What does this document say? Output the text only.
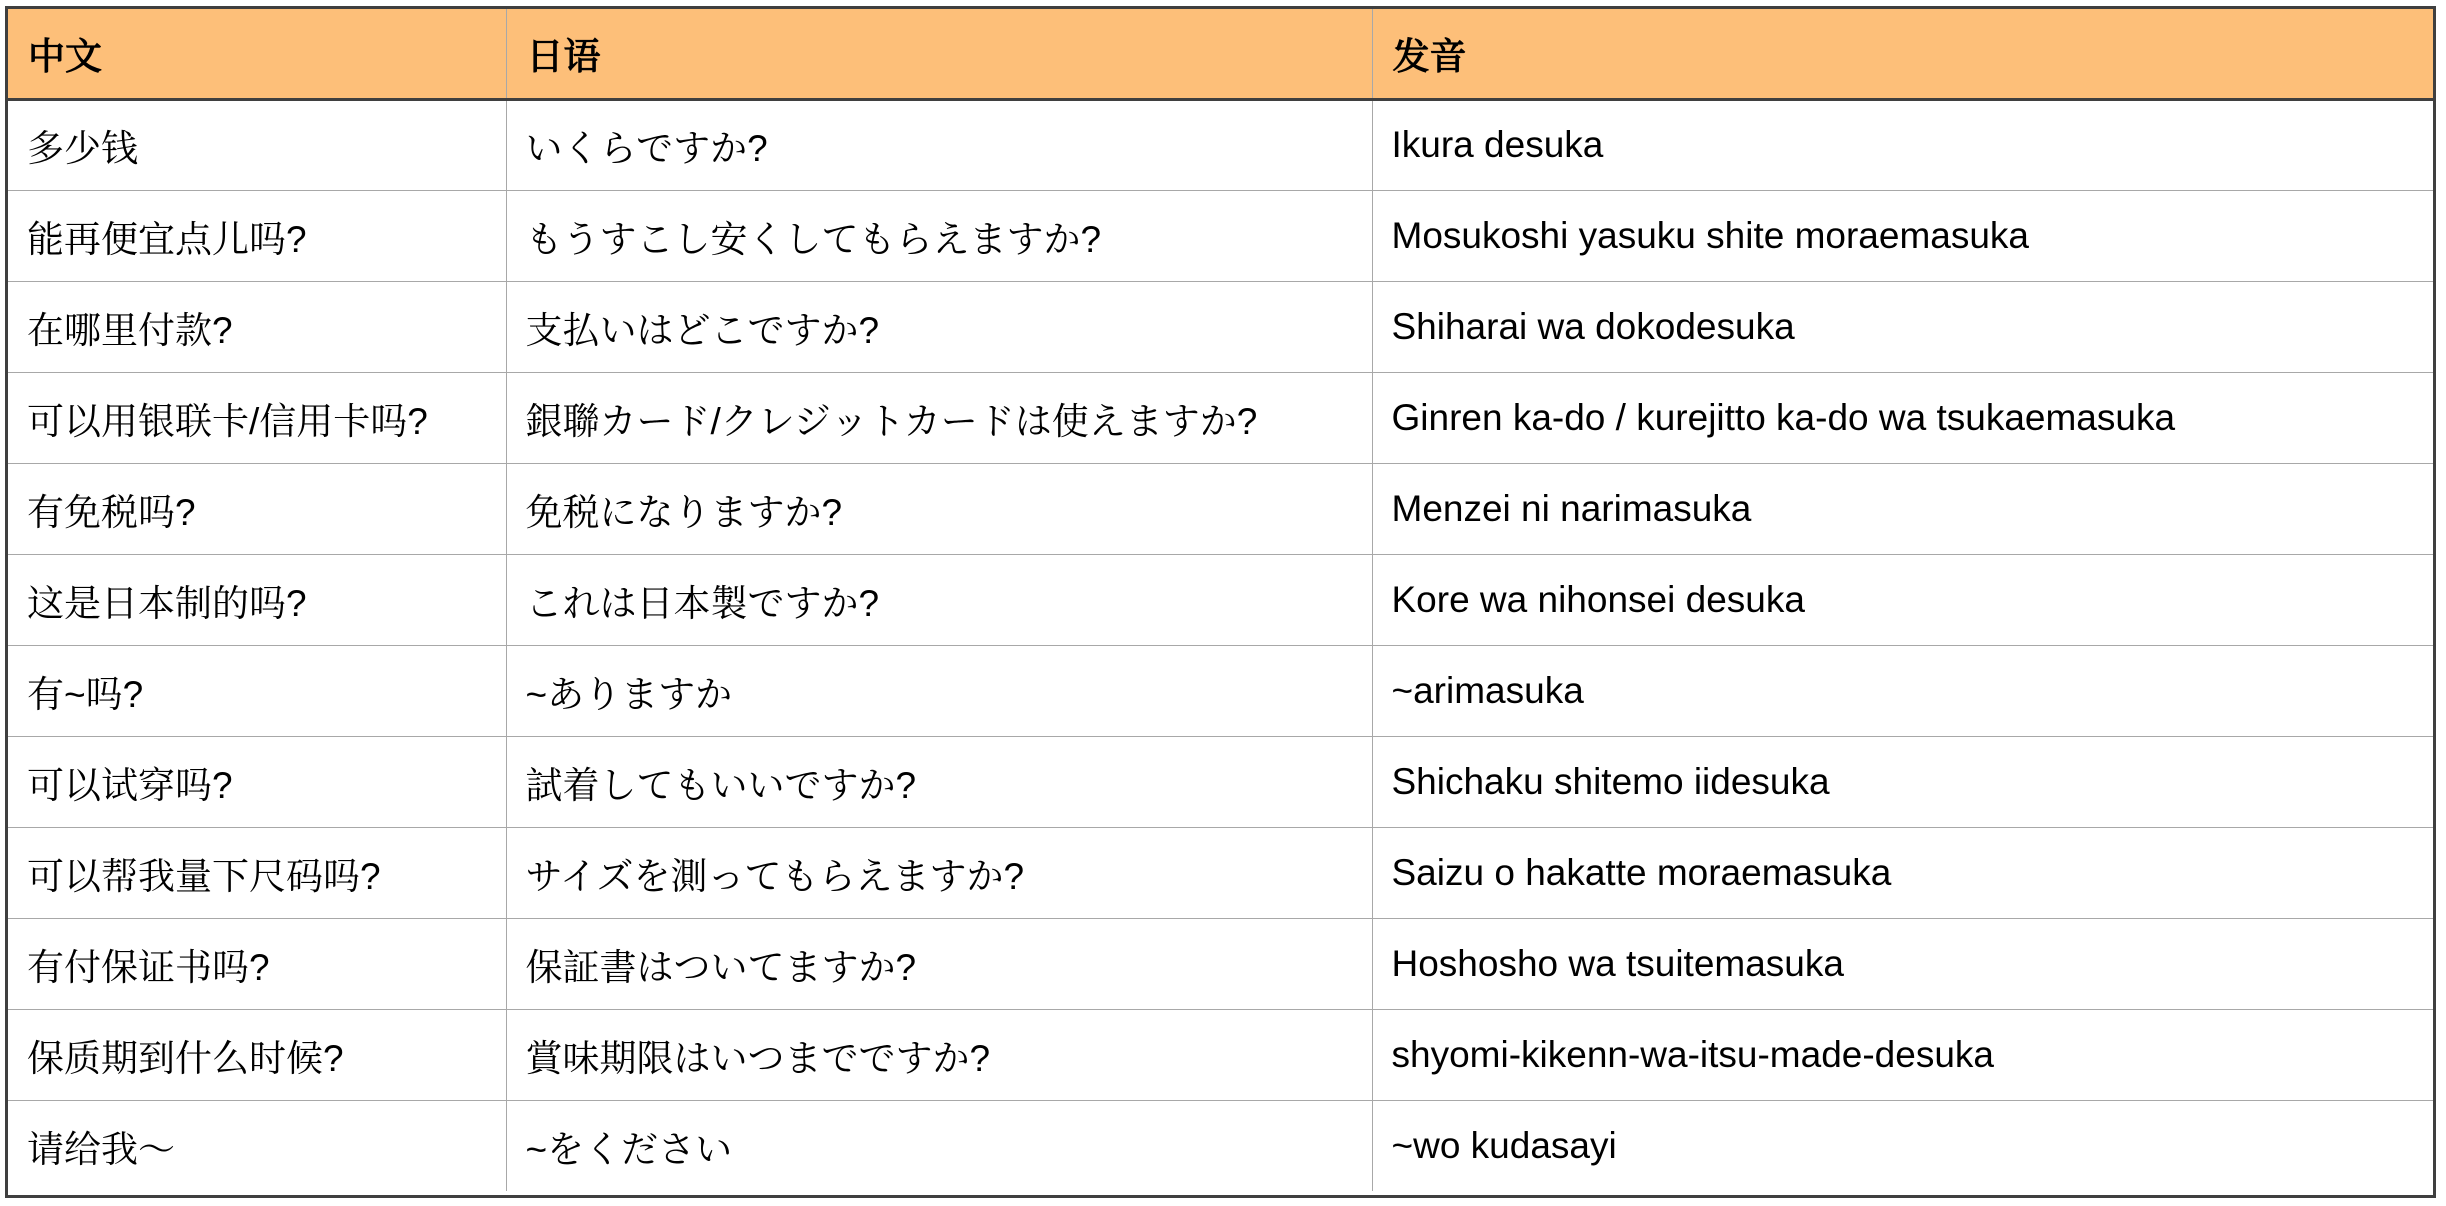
中文	日语	发音
多少钱	いくらですか?	Ikura desuka
能再便宜点儿吗?	もうすこし安くしてもらえますか?	Mosukoshi yasuku shite moraemasuka
在哪里付款?	支払いはどこですか?	Shiharai wa dokodesuka
可以用银联卡/信用卡吗?	銀聯カード/クレジットカードは使えますか?	Ginren ka-do / kurejitto ka-do wa tsukaemasuka
有免税吗?	免税になりますか?	Menzei ni narimasuka
这是日本制的吗?	これは日本製ですか?	Kore wa nihonsei desuka
有~吗?	~ありますか	~arimasuka
可以试穿吗?	試着してもいいですか?	Shichaku shitemo iidesuka
可以帮我量下尺码吗?	サイズを測ってもらえますか?	Saizu o hakatte moraemasuka
有付保证书吗?	保証書はついてますか?	Hoshosho wa tsuitemasuka
保质期到什么时候?	賞味期限はいつまでですか?	shyomi-kikenn-wa-itsu-made-desuka
请给我～	~をください	~wo kudasayi
